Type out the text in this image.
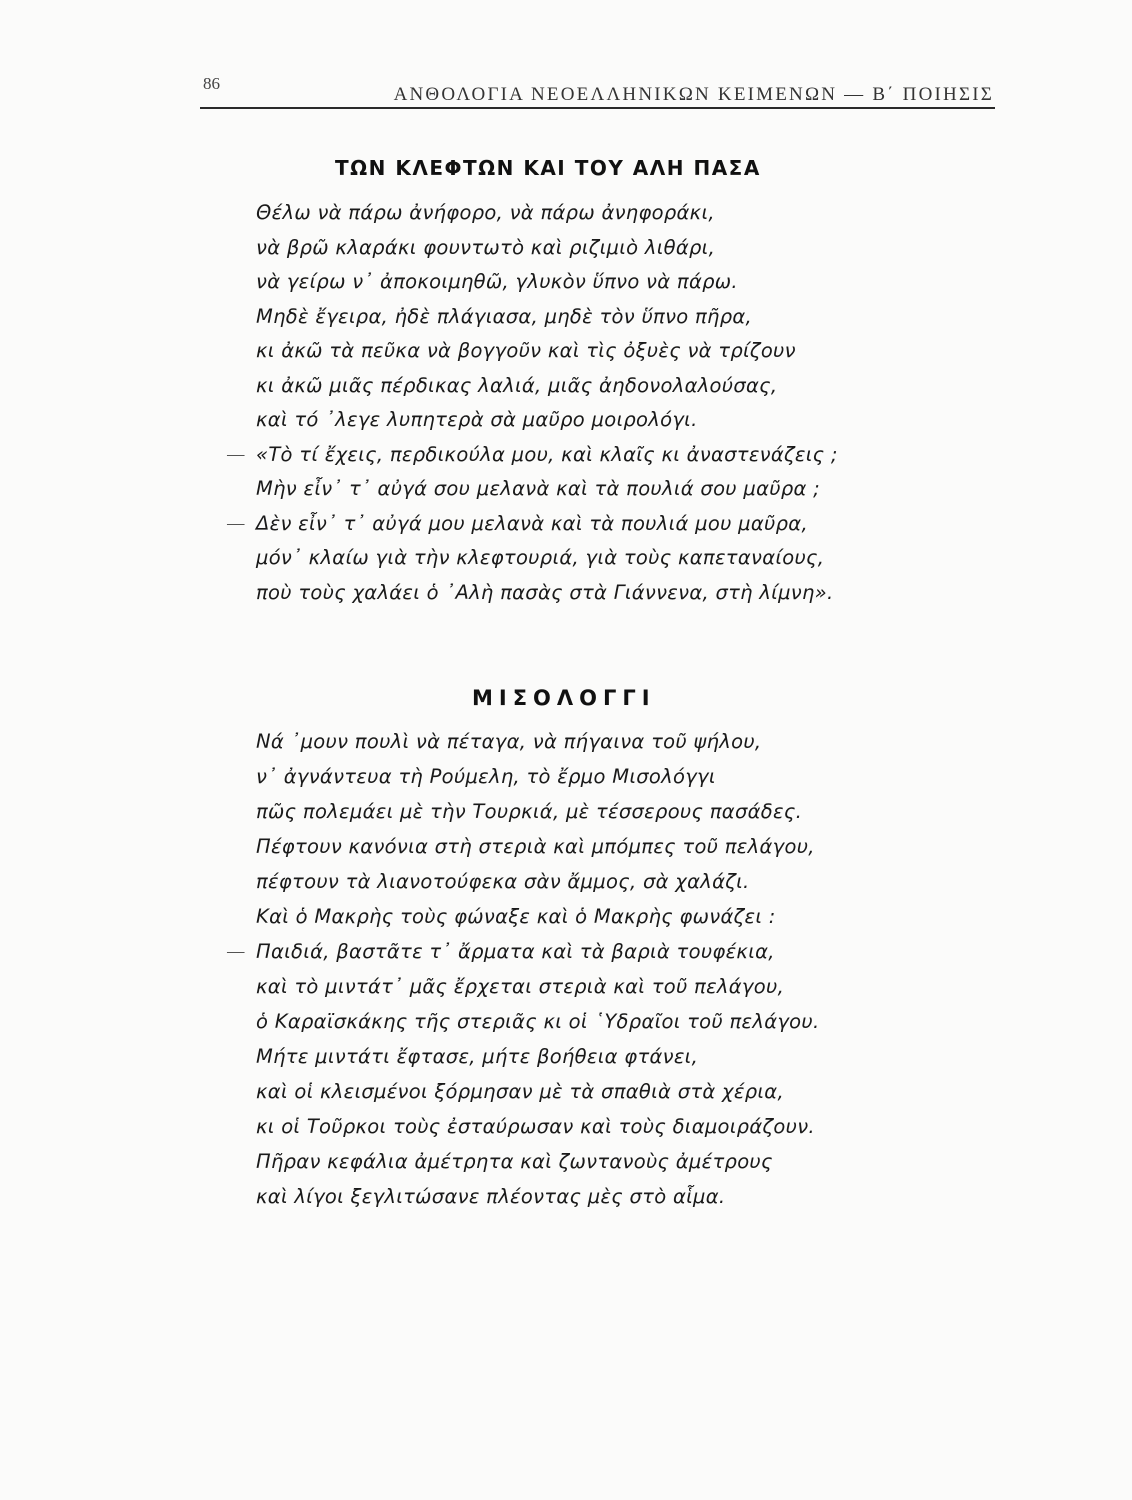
86
ΑΝΘΟΛΟΓΙΑ ΝΕΟΕΛΛΗΝΙΚΩΝ ΚΕΙΜΕΝΩΝ — Β΄ ΠΟΙΗΣΙΣ
ΤΩΝ ΚΛΕΦΤΩΝ ΚΑΙ ΤΟΥ ΑΛΗ ΠΑΣΑ
Θέλω νὰ πάρω ἀνήφορο, νὰ πάρω ἀνηφοράκι,
νὰ βρῶ κλαράκι φουντωτὸ καὶ ριζιμιὸ λιθάρι,
νὰ γείρω ν᾿ ἀποκοιμηθῶ, γλυκὸν ὕπνο νὰ πάρω.
Μηδὲ ἔγειρα, ἠδὲ πλάγιασα, μηδὲ τὸν ὕπνο πῆρα,
κι ἀκῶ τὰ πεῦκα νὰ βογγοῦν καὶ τὶς ὀξυὲς νὰ τρίζουν
κι ἀκῶ μιᾶς πέρδικας λαλιά, μιᾶς ἀηδονολαλούσας,
καὶ τό ᾿λεγε λυπητερὰ σὰ μαῦρο μοιρολόγι.
— «Τὸ τί ἔχεις, περδικούλα μου, καὶ κλαῖς κι ἀναστενάζεις ;
Μὴν εἶν᾿ τ᾿ αὐγά σου μελανὰ καὶ τὰ πουλιά σου μαῦρα ;
— Δὲν εἶν᾿ τ᾿ αὐγά μου μελανὰ καὶ τὰ πουλιά μου μαῦρα,
μόν᾿ κλαίω γιὰ τὴν κλεφτουριά, γιὰ τοὺς καπεταναίους,
ποὺ τοὺς χαλάει ὁ ᾿Αλὴ πασὰς στὰ Γιάννενα, στὴ λίμνη».
ΜΙΣΟΛΟΓΓΙ
Νά ᾿μουν πουλὶ νὰ πέταγα, νὰ πήγαινα τοῦ ψήλου,
ν᾿ ἀγνάντευα τὴ Ρούμελη, τὸ ἔρμο Μισολόγγι
πῶς πολεμάει μὲ τὴν Τουρκιά, μὲ τέσσερους πασάδες.
Πέφτουν κανόνια στὴ στεριὰ καὶ μπόμπες τοῦ πελάγου,
πέφτουν τὰ λιανοτούφεκα σὰν ἄμμος, σὰ χαλάζι.
Καὶ ὁ Μακρὴς τοὺς φώναξε καὶ ὁ Μακρὴς φωνάζει :
— Παιδιά, βαστᾶτε τ᾿ ἄρματα καὶ τὰ βαριὰ τουφέκια,
καὶ τὸ μιντάτ᾿ μᾶς ἔρχεται στεριὰ καὶ τοῦ πελάγου,
ὁ Καραϊσκάκης τῆς στεριᾶς κι οἱ ῾Υδραῖοι τοῦ πελάγου.
Μήτε μιντάτι ἔφτασε, μήτε βοήθεια φτάνει,
καὶ οἱ κλεισμένοι ξόρμησαν μὲ τὰ σπαθιὰ στὰ χέρια,
κι οἱ Τοῦρκοι τοὺς ἐσταύρωσαν καὶ τοὺς διαμοιράζουν.
Πῆραν κεφάλια ἀμέτρητα καὶ ζωντανοὺς ἀμέτρους
καὶ λίγοι ξεγλιτώσανε πλέοντας μὲς στὸ αἷμα.
